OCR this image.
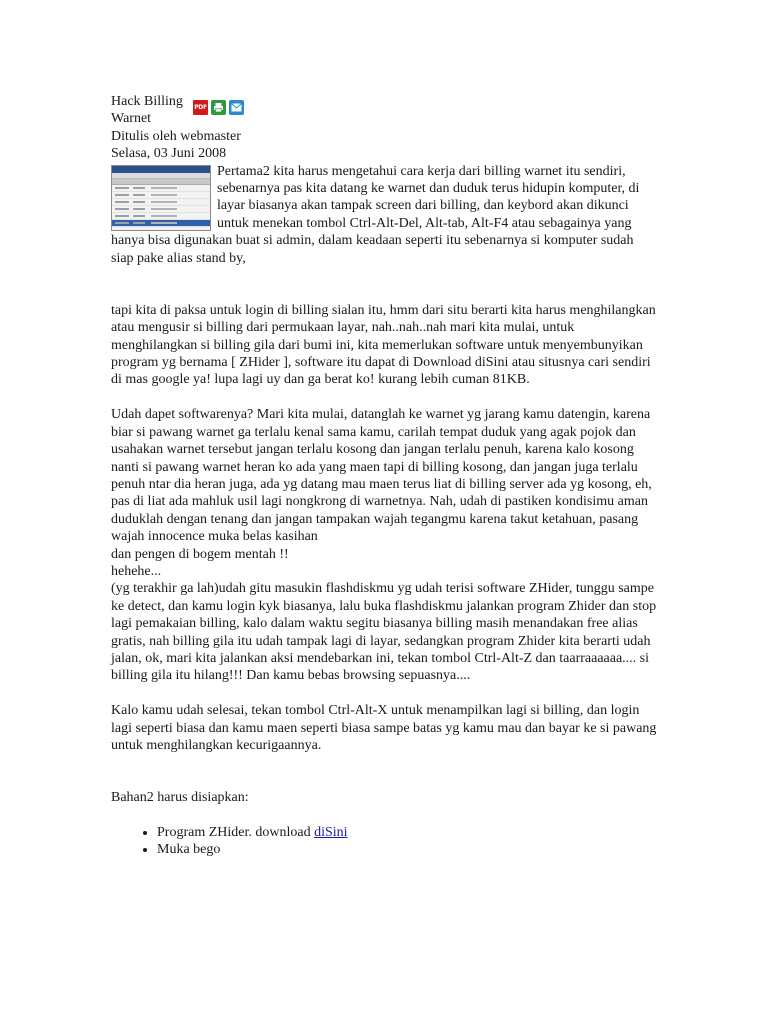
Hack Billing Warnet
PDF

Ditulis oleh webmaster

Selasa, 03 Juni 2008

Pertama2 kita harus mengetahui cara kerja dari billing warnet itu sendiri, sebenarnya pas kita datang ke warnet dan duduk terus hidupin komputer, di layar biasanya akan tampak screen dari billing, dan keybord akan dikunci untuk menekan tombol Ctrl-Alt-Del, Alt-tab, Alt-F4 atau sebagainya yang hanya bisa digunakan buat si admin, dalam keadaan seperti itu sebenarnya si komputer sudah siap pake alias stand by,

tapi kita di paksa untuk login di billing sialan itu, hmm dari situ berarti kita harus menghilangkan atau mengusir si billing dari permukaan layar, nah..nah..nah mari kita mulai, untuk menghilangkan si billing gila dari bumi ini, kita memerlukan software untuk menyembunyikan program yg bernama [ ZHider ], software itu dapat di Download diSini atau situsnya cari sendiri di mas google ya! lupa lagi uy dan ga berat ko! kurang lebih cuman 81KB.

Udah dapet softwarenya? Mari kita mulai, datanglah ke warnet yg jarang kamu datengin, karena biar si pawang warnet ga terlalu kenal sama kamu, carilah tempat duduk yang agak pojok dan usahakan warnet tersebut jangan terlalu kosong dan jangan terlalu penuh, karena kalo kosong nanti si pawang warnet heran ko ada yang maen tapi di billing kosong, dan jangan juga terlalu penuh ntar dia heran juga, ada yg datang mau maen terus liat di billing server ada yg kosong, eh, pas di liat ada mahluk usil lagi nongkrong di warnetnya. Nah, udah di pastiken kondisimu aman duduklah dengan tenang dan jangan tampakan wajah tegangmu karena takut ketahuan, pasang wajah innocence muka belas kasihan

dan pengen di bogem mentah !!

hehehe...

(yg terakhir ga lah)udah gitu masukin flashdiskmu yg udah terisi software ZHider, tunggu sampe ke detect, dan kamu login kyk biasanya, lalu buka flashdiskmu jalankan program Zhider dan stop lagi pemakaian billing, kalo dalam waktu segitu biasanya billing masih menandakan free alias gratis, nah billing gila itu udah tampak lagi di layar, sedangkan program Zhider kita berarti udah jalan, ok, mari kita jalankan aksi mendebarkan ini, tekan tombol Ctrl-Alt-Z dan taarraaaaaa.... si billing gila itu hilang!!! Dan kamu bebas browsing sepuasnya....

Kalo kamu udah selesai, tekan tombol Ctrl-Alt-X untuk menampilkan lagi si billing, dan login lagi seperti biasa dan kamu maen seperti biasa sampe batas yg kamu mau dan bayar ke si pawang untuk menghilangkan kecurigaannya.

Bahan2 harus disiapkan:

• Program ZHider. download diSini
• Muka bego
